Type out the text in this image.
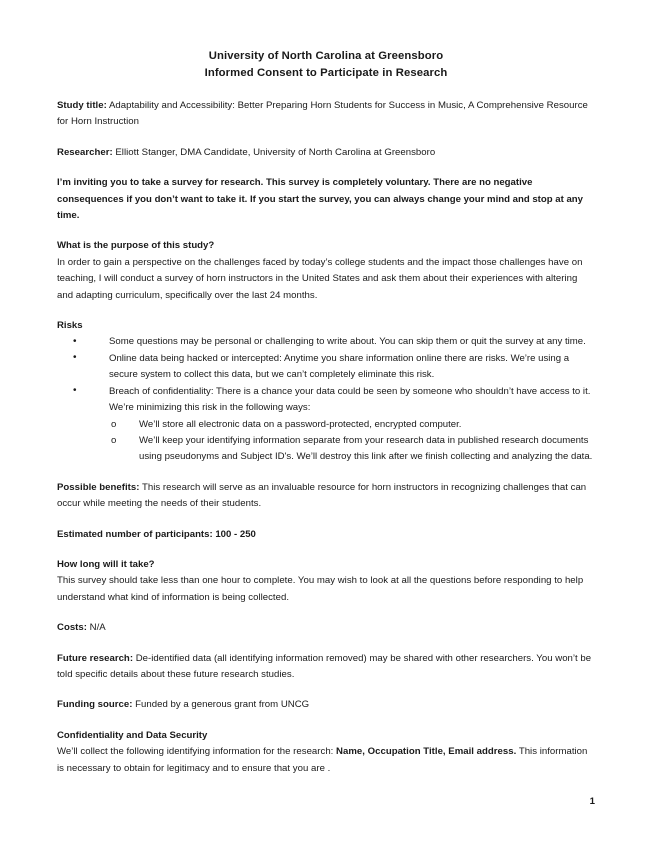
University of North Carolina at Greensboro
Informed Consent to Participate in Research
Study title: Adaptability and Accessibility: Better Preparing Horn Students for Success in Music, A Comprehensive Resource for Horn Instruction
Researcher: Elliott Stanger, DMA Candidate, University of North Carolina at Greensboro
I’m inviting you to take a survey for research. This survey is completely voluntary. There are no negative consequences if you don’t want to take it. If you start the survey, you can always change your mind and stop at any time.
What is the purpose of this study?
In order to gain a perspective on the challenges faced by today’s college students and the impact those challenges have on teaching, I will conduct a survey of horn instructors in the United States and ask them about their experiences with altering and adapting curriculum, specifically over the last 24 months.
Risks
•	Some questions may be personal or challenging to write about. You can skip them or quit the survey at any time.
•	Online data being hacked or intercepted: Anytime you share information online there are risks. We’re using a secure system to collect this data, but we can’t completely eliminate this risk.
•	Breach of confidentiality: There is a chance your data could be seen by someone who shouldn’t have access to it. We’re minimizing this risk in the following ways:
o We’ll store all electronic data on a password-protected, encrypted computer.
o We’ll keep your identifying information separate from your research data in published research documents using pseudonyms and Subject ID's. We’ll destroy this link after we finish collecting and analyzing the data.
Possible benefits: This research will serve as an invaluable resource for horn instructors in recognizing challenges that can occur while meeting the needs of their students.
Estimated number of participants: 100 - 250
How long will it take?
This survey should take less than one hour to complete. You may wish to look at all the questions before responding to help understand what kind of information is being collected.
Costs: N/A
Future research: De-identified data (all identifying information removed) may be shared with other researchers. You won’t be told specific details about these future research studies.
Funding source: Funded by a generous grant from UNCG
Confidentiality and Data Security
We’ll collect the following identifying information for the research: Name, Occupation Title, Email address. This information is necessary to obtain for legitimacy and to ensure that you are .
1
